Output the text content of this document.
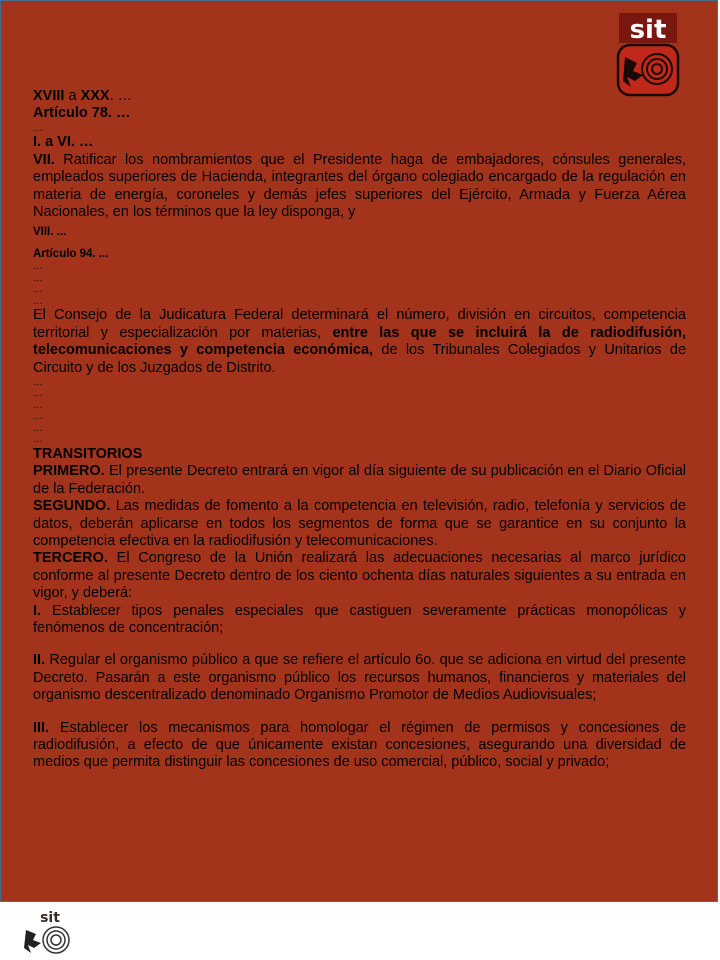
sit

XVIII a XXX. …

Artículo 78. …

…

I. a VI. …

VII. Ratificar los nombramientos que el Presidente haga de embajadores, cónsules generales, empleados superiores de Hacienda, integrantes del órgano colegiado encargado de la regulación en materia de energía, coroneles y demás jefes superiores del Ejército, Armada y Fuerza Aérea Nacionales, en los términos que la ley disponga, y

VIII. ...

Artículo 94. ...

…

…

…

…

El Consejo de la Judicatura Federal determinará el número, división en circuitos, competencia territorial y especialización por materias, entre las que se incluirá la de radiodifusión, telecomunicaciones y competencia económica, de los Tribunales Colegiados y Unitarios de Circuito y de los Juzgados de Distrito.

…

…

…

…

…

…

TRANSITORIOS

PRIMERO. El presente Decreto entrará en vigor al día siguiente de su publicación en el Diario Oficial de la Federación.

SEGUNDO. Las medidas de fomento a la competencia en televisión, radio, telefonía y servicios de datos, deberán aplicarse en todos los segmentos de forma que se garantice en su conjunto la competencia efectiva en la radiodifusión y telecomunicaciones.

TERCERO. El Congreso de la Unión realizará las adecuaciones necesarias al marco jurídico conforme al presente Decreto dentro de los ciento ochenta días naturales siguientes a su entrada en vigor, y deberá:

I. Establecer tipos penales especiales que castiguen severamente prácticas monopólicas y fenómenos de concentración;

II. Regular el organismo público a que se refiere el artículo 6o. que se adiciona en virtud del presente Decreto. Pasarán a este organismo público los recursos humanos, financieros y materiales del organismo descentralizado denominado Organismo Promotor de Medios Audiovisuales;

III. Establecer los mecanismos para homologar el régimen de permisos y concesiones de radiodifusión, a efecto de que únicamente existan concesiones, asegurando una diversidad de medios que permita distinguir las concesiones de uso comercial, público, social y privado;

sit
